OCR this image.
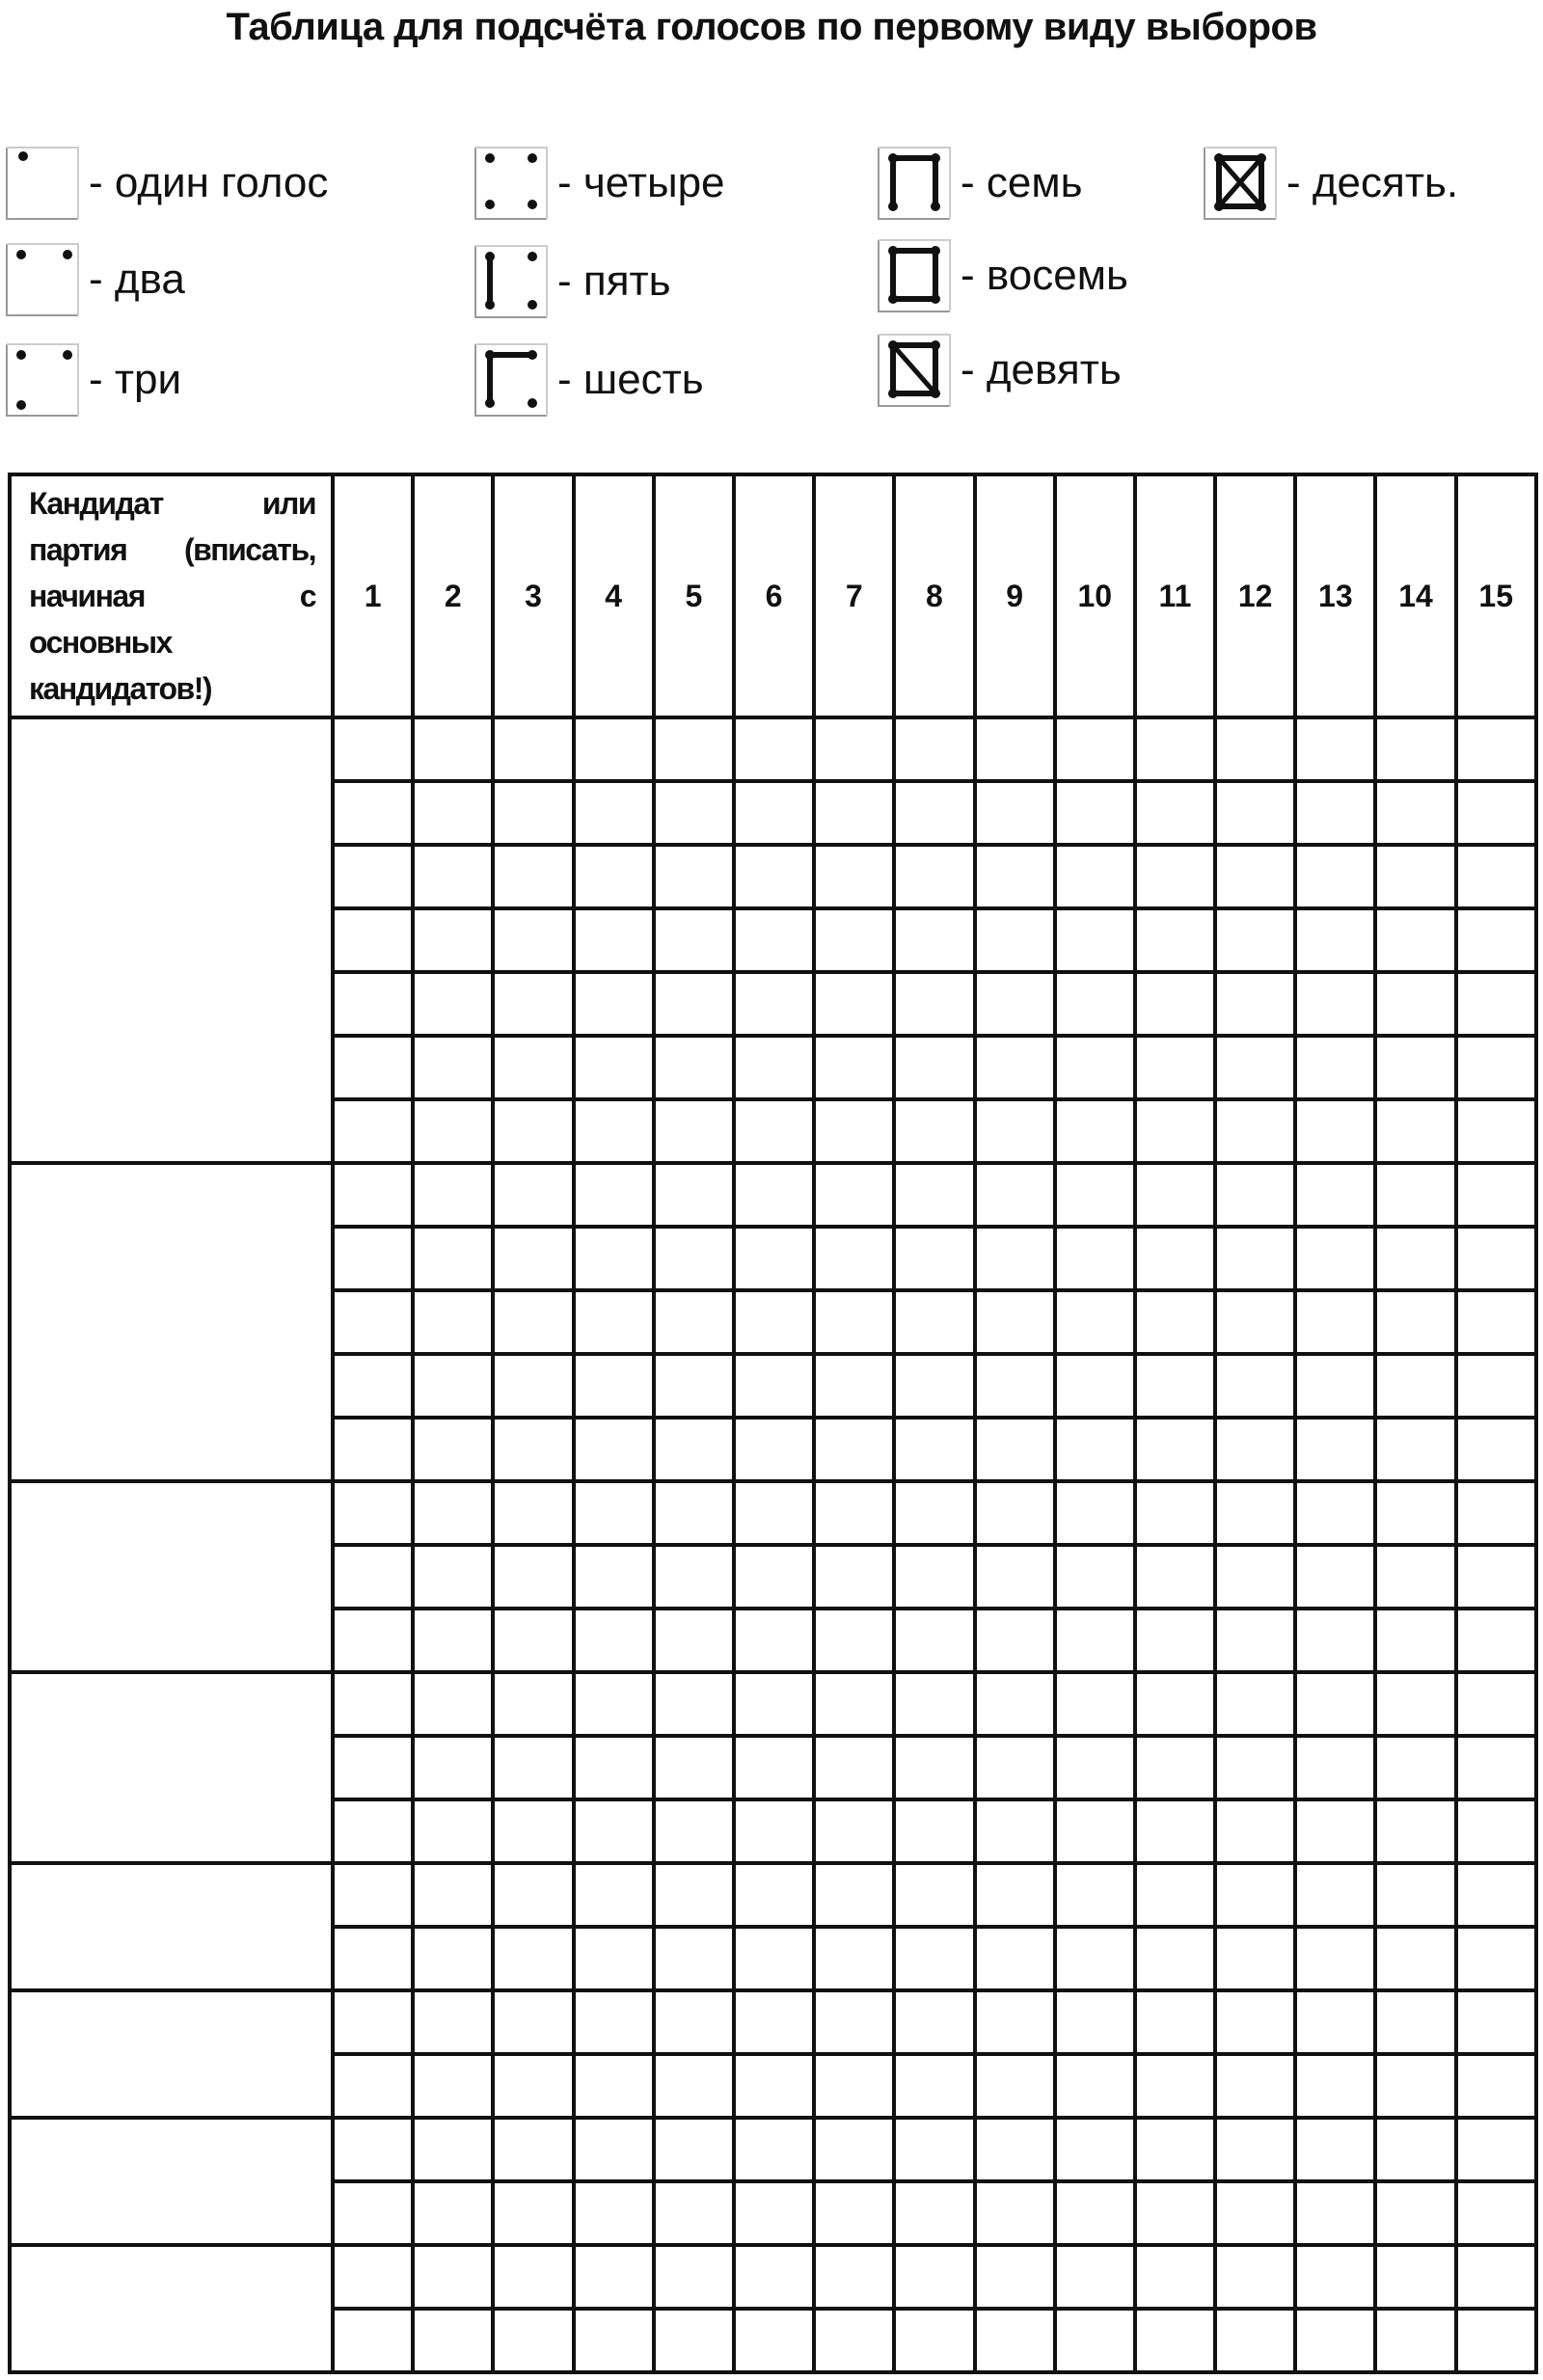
Таблица для подсчёта голосов по первому виду выборов
- один голос
- два
- три
- четыре
- пять
- шесть
- семь
- восемь
- девять
- десять.
Кандидат или партия (вписать, начиная с основных кандидатов!)	1	2	3	4	5	6	7	8	9	10	11	12	13	14	15
